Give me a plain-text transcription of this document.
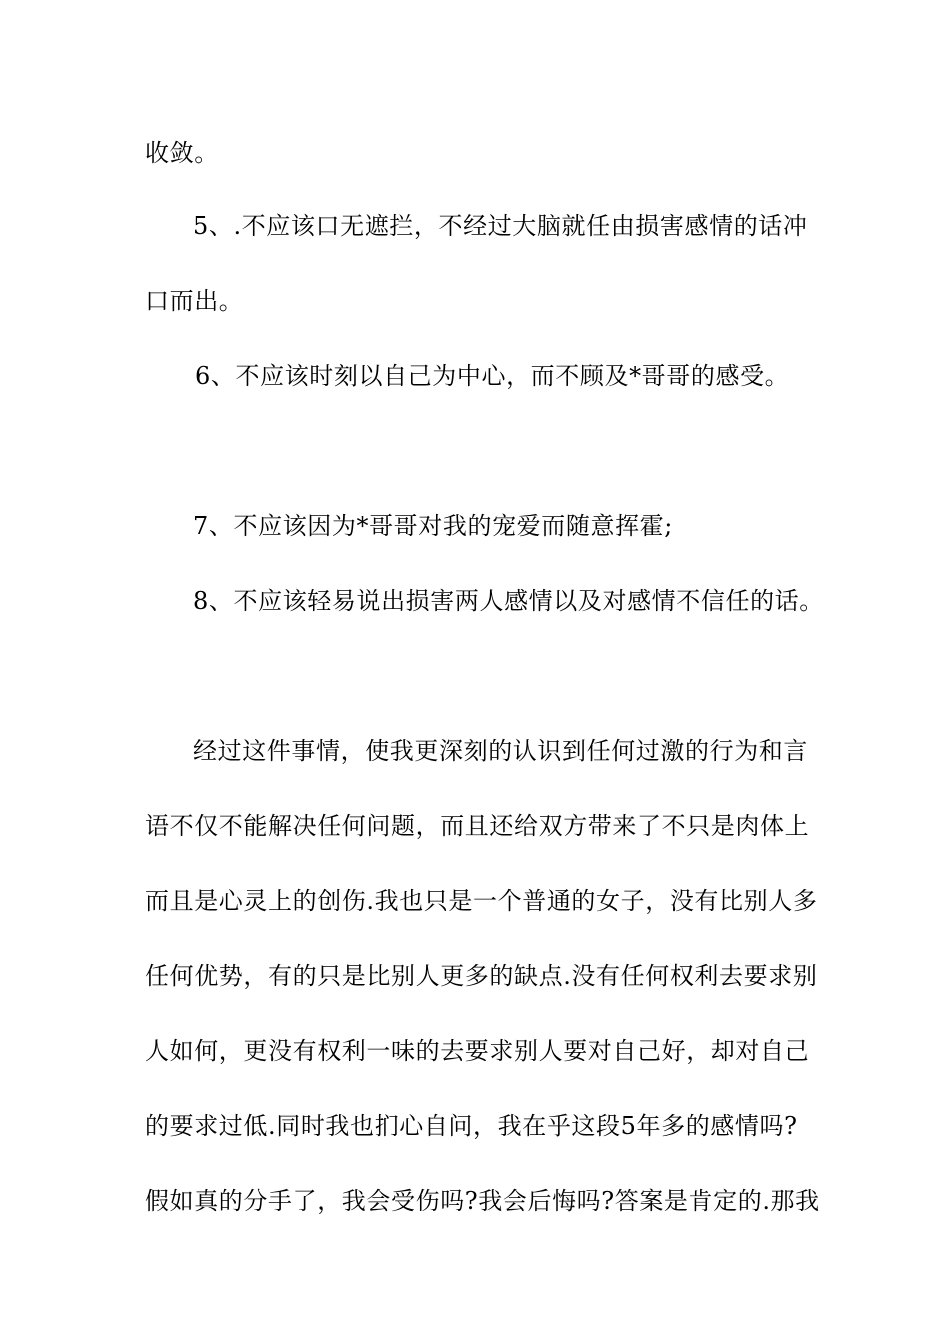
收敛。
5、.不应该口无遮拦，不经过大脑就任由损害感情的话冲
口而出。
6、不应该时刻以自己为中心，而不顾及*哥哥的感受。
7、不应该因为*哥哥对我的宠爱而随意挥霍;
8、不应该轻易说出损害两人感情以及对感情不信任的话。
经过这件事情，使我更深刻的认识到任何过激的行为和言
语不仅不能解决任何问题，而且还给双方带来了不只是肉体上
而且是心灵上的创伤.我也只是一个普通的女子，没有比别人多
任何优势，有的只是比别人更多的缺点.没有任何权利去要求别
人如何，更没有权利一味的去要求别人要对自己好，却对自己
的要求过低.同时我也扪心自问，我在乎这段5年多的感情吗?
假如真的分手了，我会受伤吗?我会后悔吗?答案是肯定的.那我
